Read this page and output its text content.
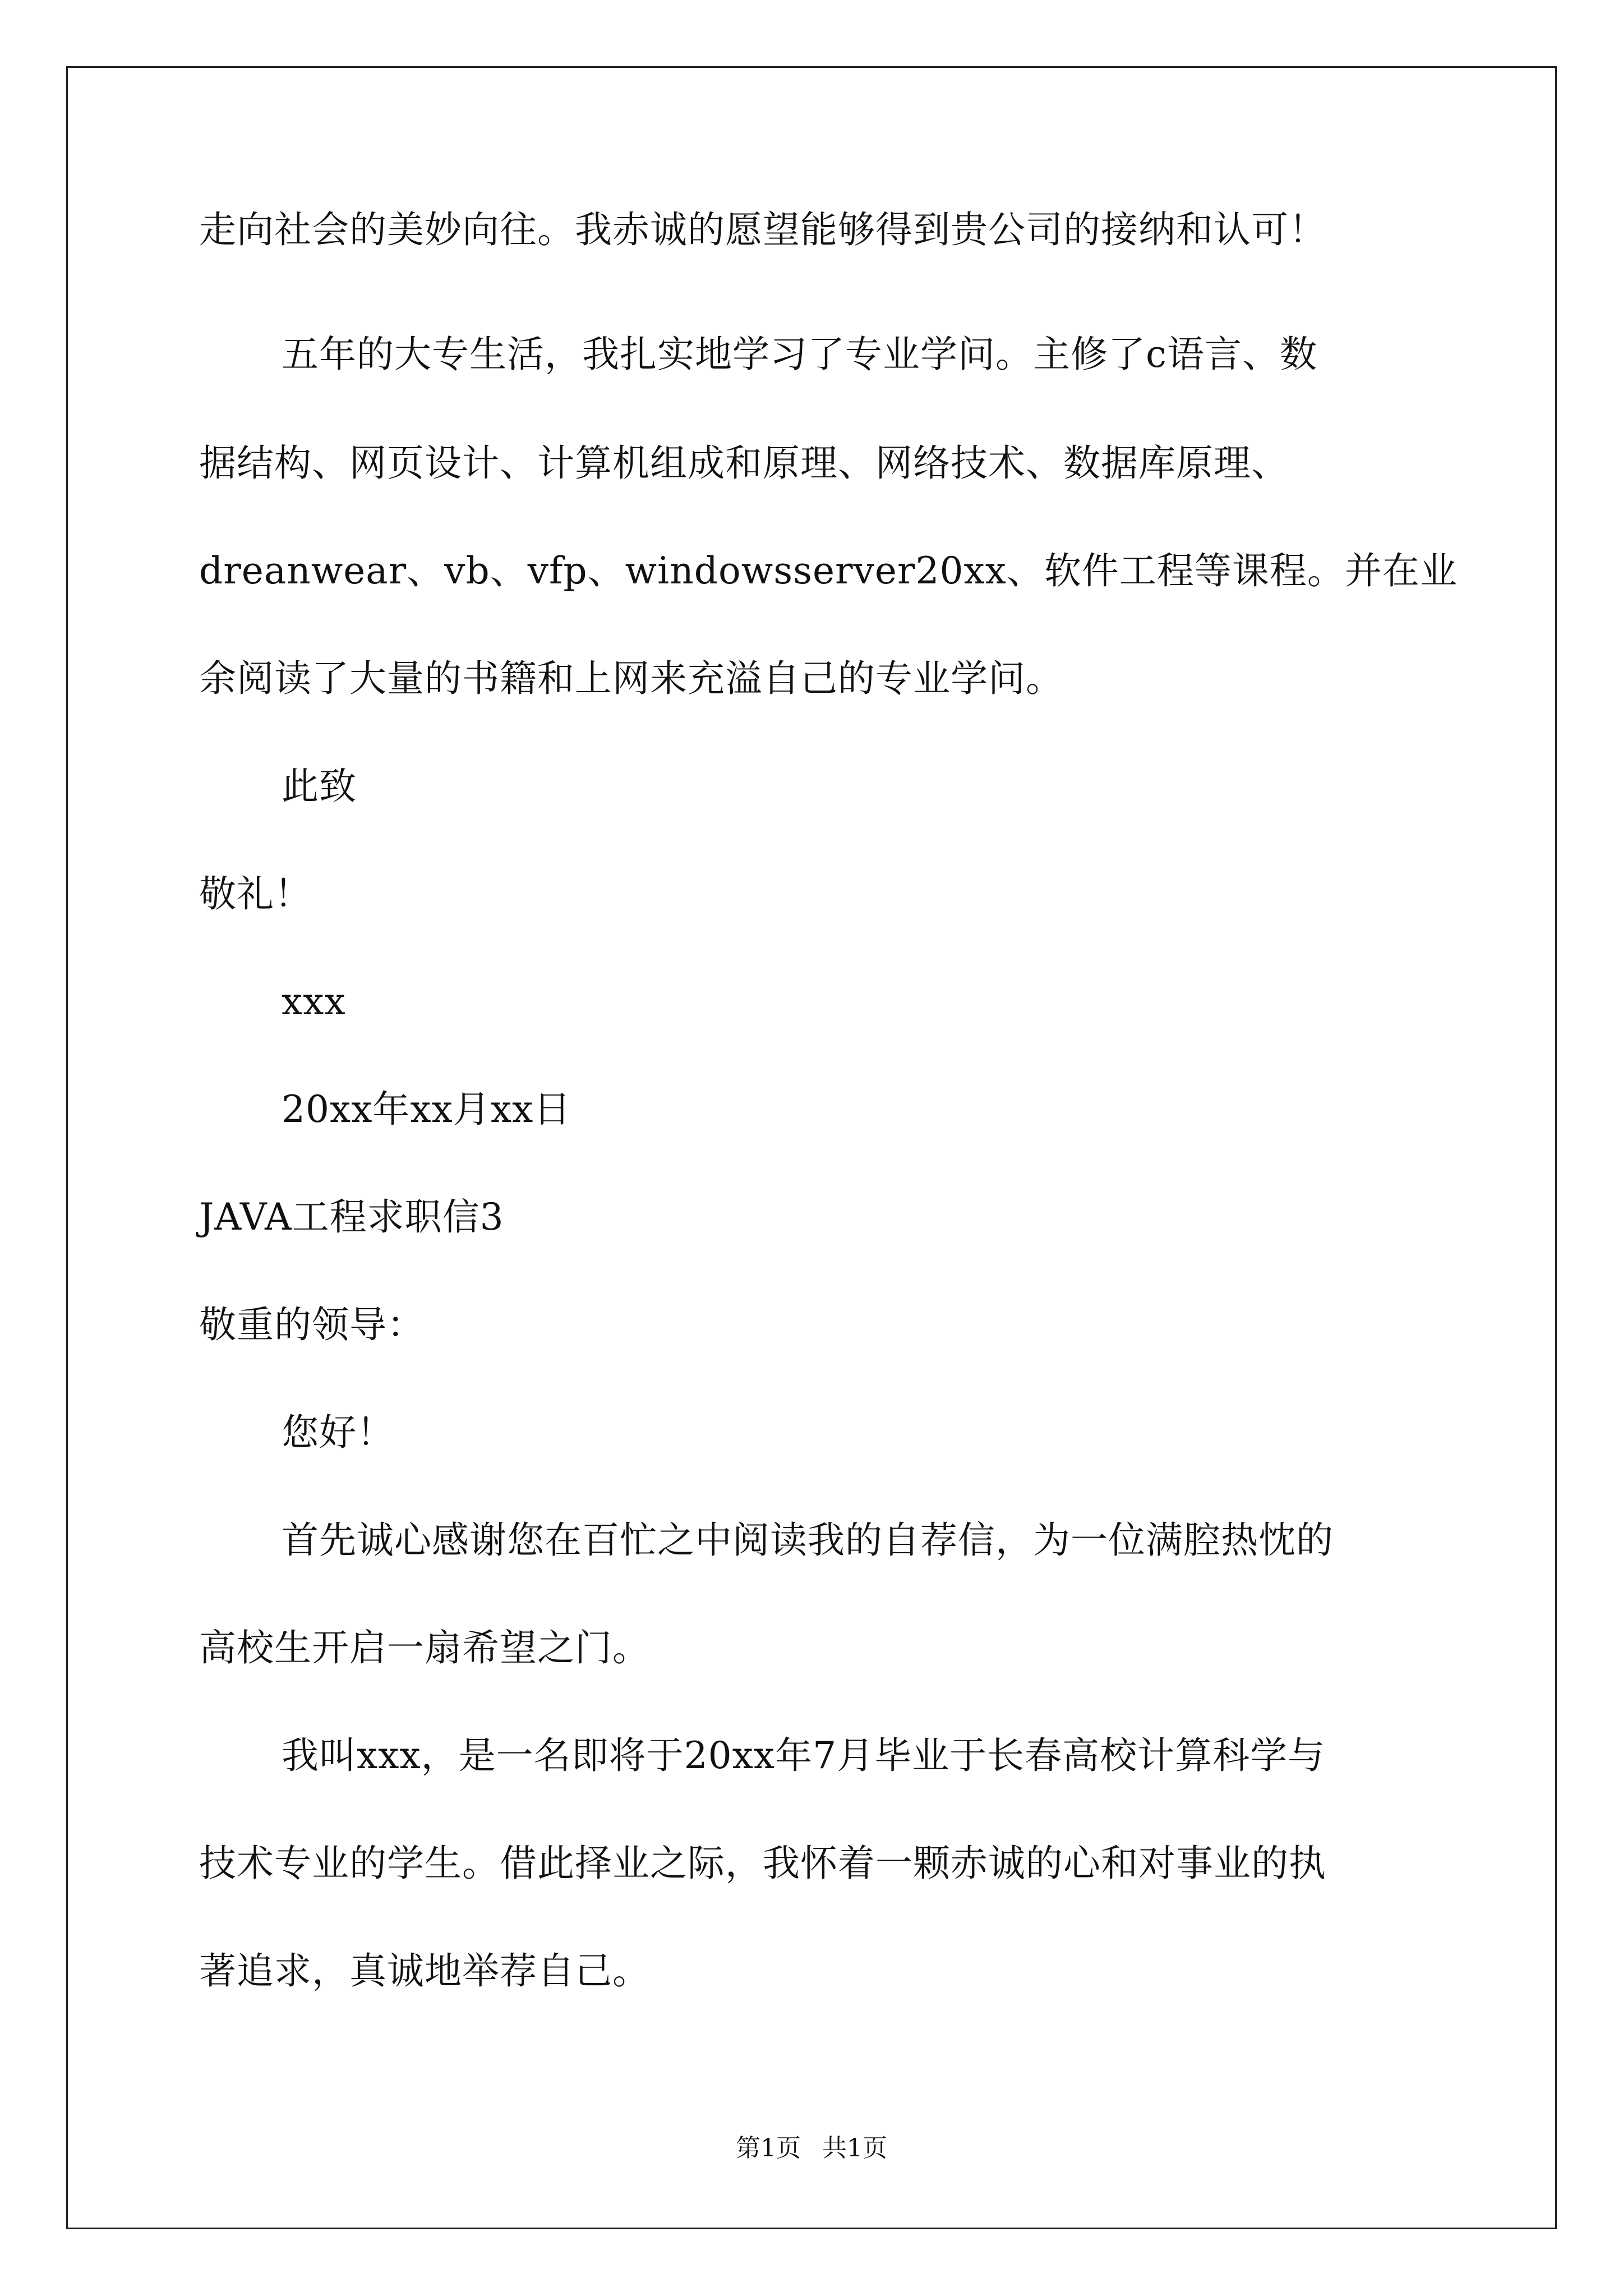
走向社会的美妙向往。我赤诚的愿望能够得到贵公司的接纳和认可！
五年的大专生活，我扎实地学习了专业学问。主修了c语言、数
据结构、网页设计、计算机组成和原理、网络技术、数据库原理、
dreanwear、vb、vfp、windowsserver20xx、软件工程等课程。并在业
余阅读了大量的书籍和上网来充溢自己的专业学问。
此致
敬礼！
xxx
20xx年xx月xx日
JAVA工程求职信3
敬重的领导：
您好！
首先诚心感谢您在百忙之中阅读我的自荐信，为一位满腔热忱的
高校生开启一扇希望之门。
我叫xxx，是一名即将于20xx年7月毕业于长春高校计算科学与
技术专业的学生。借此择业之际，我怀着一颗赤诚的心和对事业的执
著追求，真诚地举荐自己。
第1页 共1页
